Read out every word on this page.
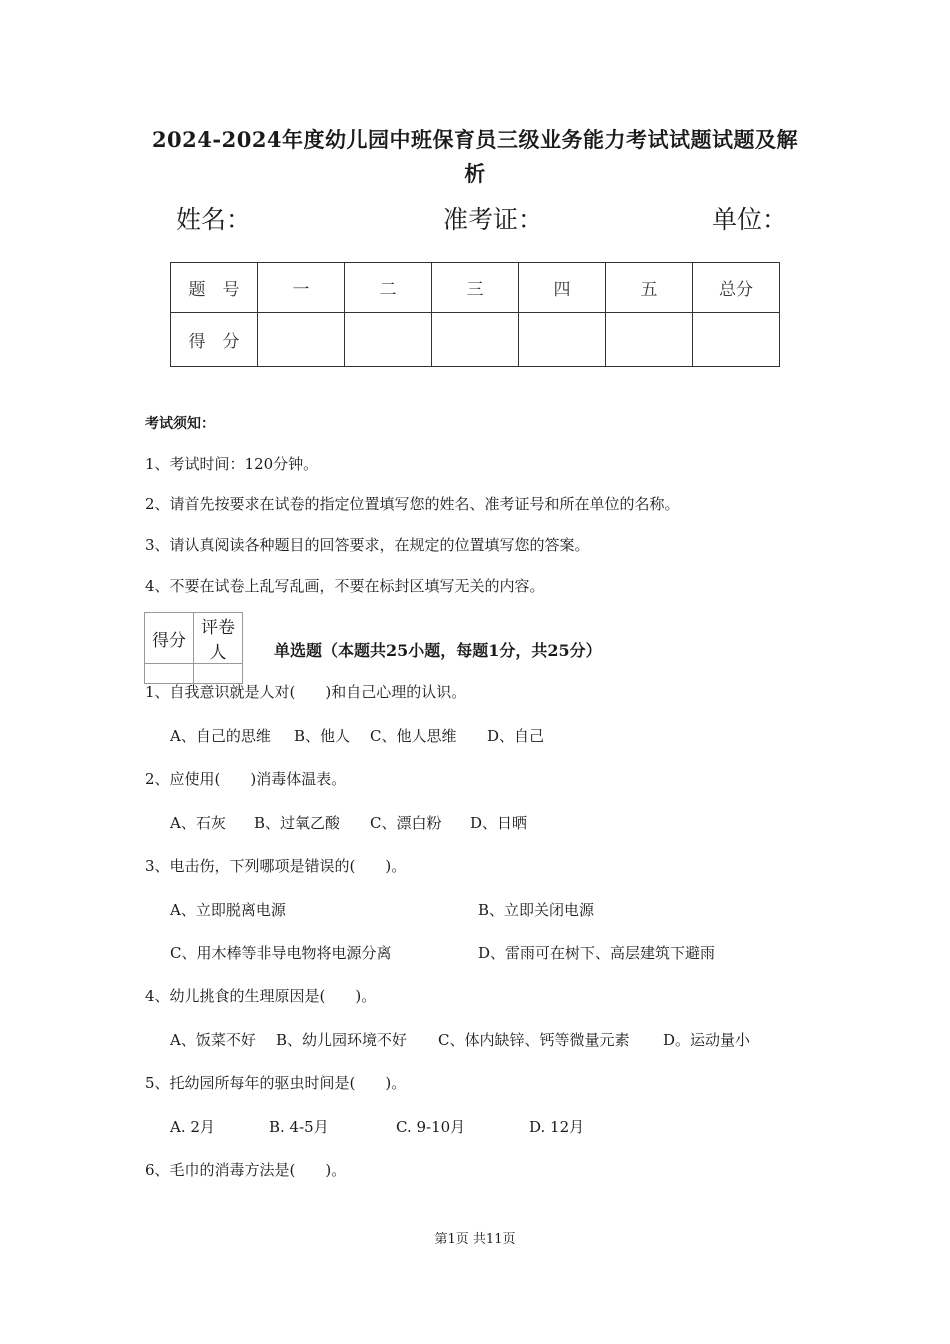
2024-2024年度幼儿园中班保育员三级业务能力考试试题试题及解
析
姓名：	准考证：	单位：
题　号	一	二	三	四	五	总分
得　分						
考试须知：
1、考试时间：120分钟。
2、请首先按要求在试卷的指定位置填写您的姓名、准考证号和所在单位的名称。
3、请认真阅读各种题目的回答要求，在规定的位置填写您的答案。
4、不要在试卷上乱写乱画，不要在标封区填写无关的内容。
得分	评卷人
		单选题（本题共25小题，每题1分，共25分）
1、自我意识就是人对(　　)和自己心理的认识。
A、自己的思维 B、他人 C、他人思维 D、自己
2、应使用(　　)消毒体温表。
A、石灰 B、过氧乙酸 C、漂白粉 D、日晒
3、电击伤，下列哪项是错误的(　　)。
A、立即脱离电源	B、立即关闭电源
C、用木棒等非导电物将电源分离	D、雷雨可在树下、高层建筑下避雨
4、幼儿挑食的生理原因是(　　)。
A、饭菜不好 B、幼儿园环境不好 C、体内缺锌、钙等微量元素 D。运动量小
5、托幼园所每年的驱虫时间是(　　)。
A. 2月	B. 4-5月	C. 9-10月	D. 12月
6、毛巾的消毒方法是(　　)。
第1页 共11页
